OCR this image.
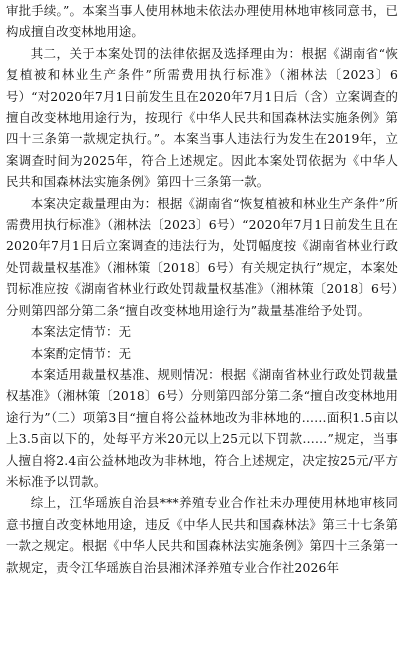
审批手续。”。本案当事人使用林地未依法办理使用林地审核同意书，已构成擅自改变林地用途。

其二，关于本案处罚的法律依据及选择理由为：根据《湖南省“恢复植被和林业生产条件”所需费用执行标准》（湘林法〔2023〕6号）“对2020年7月1日前发生且在2020年7月1日后（含）立案调查的擅自改变林地用途行为，按现行《中华人民共和国森林法实施条例》第四十三条第一款规定执行。”。本案当事人违法行为发生在2019年，立案调查时间为2025年，符合上述规定。因此本案处罚依据为《中华人民共和国森林法实施条例》第四十三条第一款。

本案决定裁量理由为：根据《湖南省“恢复植被和林业生产条件”所需费用执行标准》（湘林法〔2023〕6号）“2020年7月1日前发生且在2020年7月1日后立案调查的违法行为，处罚幅度按《湖南省林业行政处罚裁量权基准》（湘林策〔2018〕6号）有关规定执行”规定，本案处罚标准应按《湖南省林业行政处罚裁量权基准》（湘林策〔2018〕6号）分则第四部分第二条“擅自改变林地用途行为”裁量基准给予处罚。

本案法定情节：无

本案酌定情节：无

本案适用裁量权基准、规则情况：根据《湖南省林业行政处罚裁量权基准》（湘林策〔2018〕6号）分则第四部分第二条“擅自改变林地用途行为”（二）项第3目“擅自将公益林地改为非林地的……面积1.5亩以上3.5亩以下的，处每平方米20元以上25元以下罚款……”规定，当事人擅自将2.4亩公益林地改为非林地，符合上述规定，决定按25元/平方米标准予以罚款。

综上，江华瑶族自治县***养殖专业合作社未办理使用林地审核同意书擅自改变林地用途，违反《中华人民共和国森林法》第三十七条第一款之规定。根据《中华人民共和国森林法实施条例》第四十三条第一款规定，责令江华瑶族自治县湘沭泽养殖专业合作社2026年
